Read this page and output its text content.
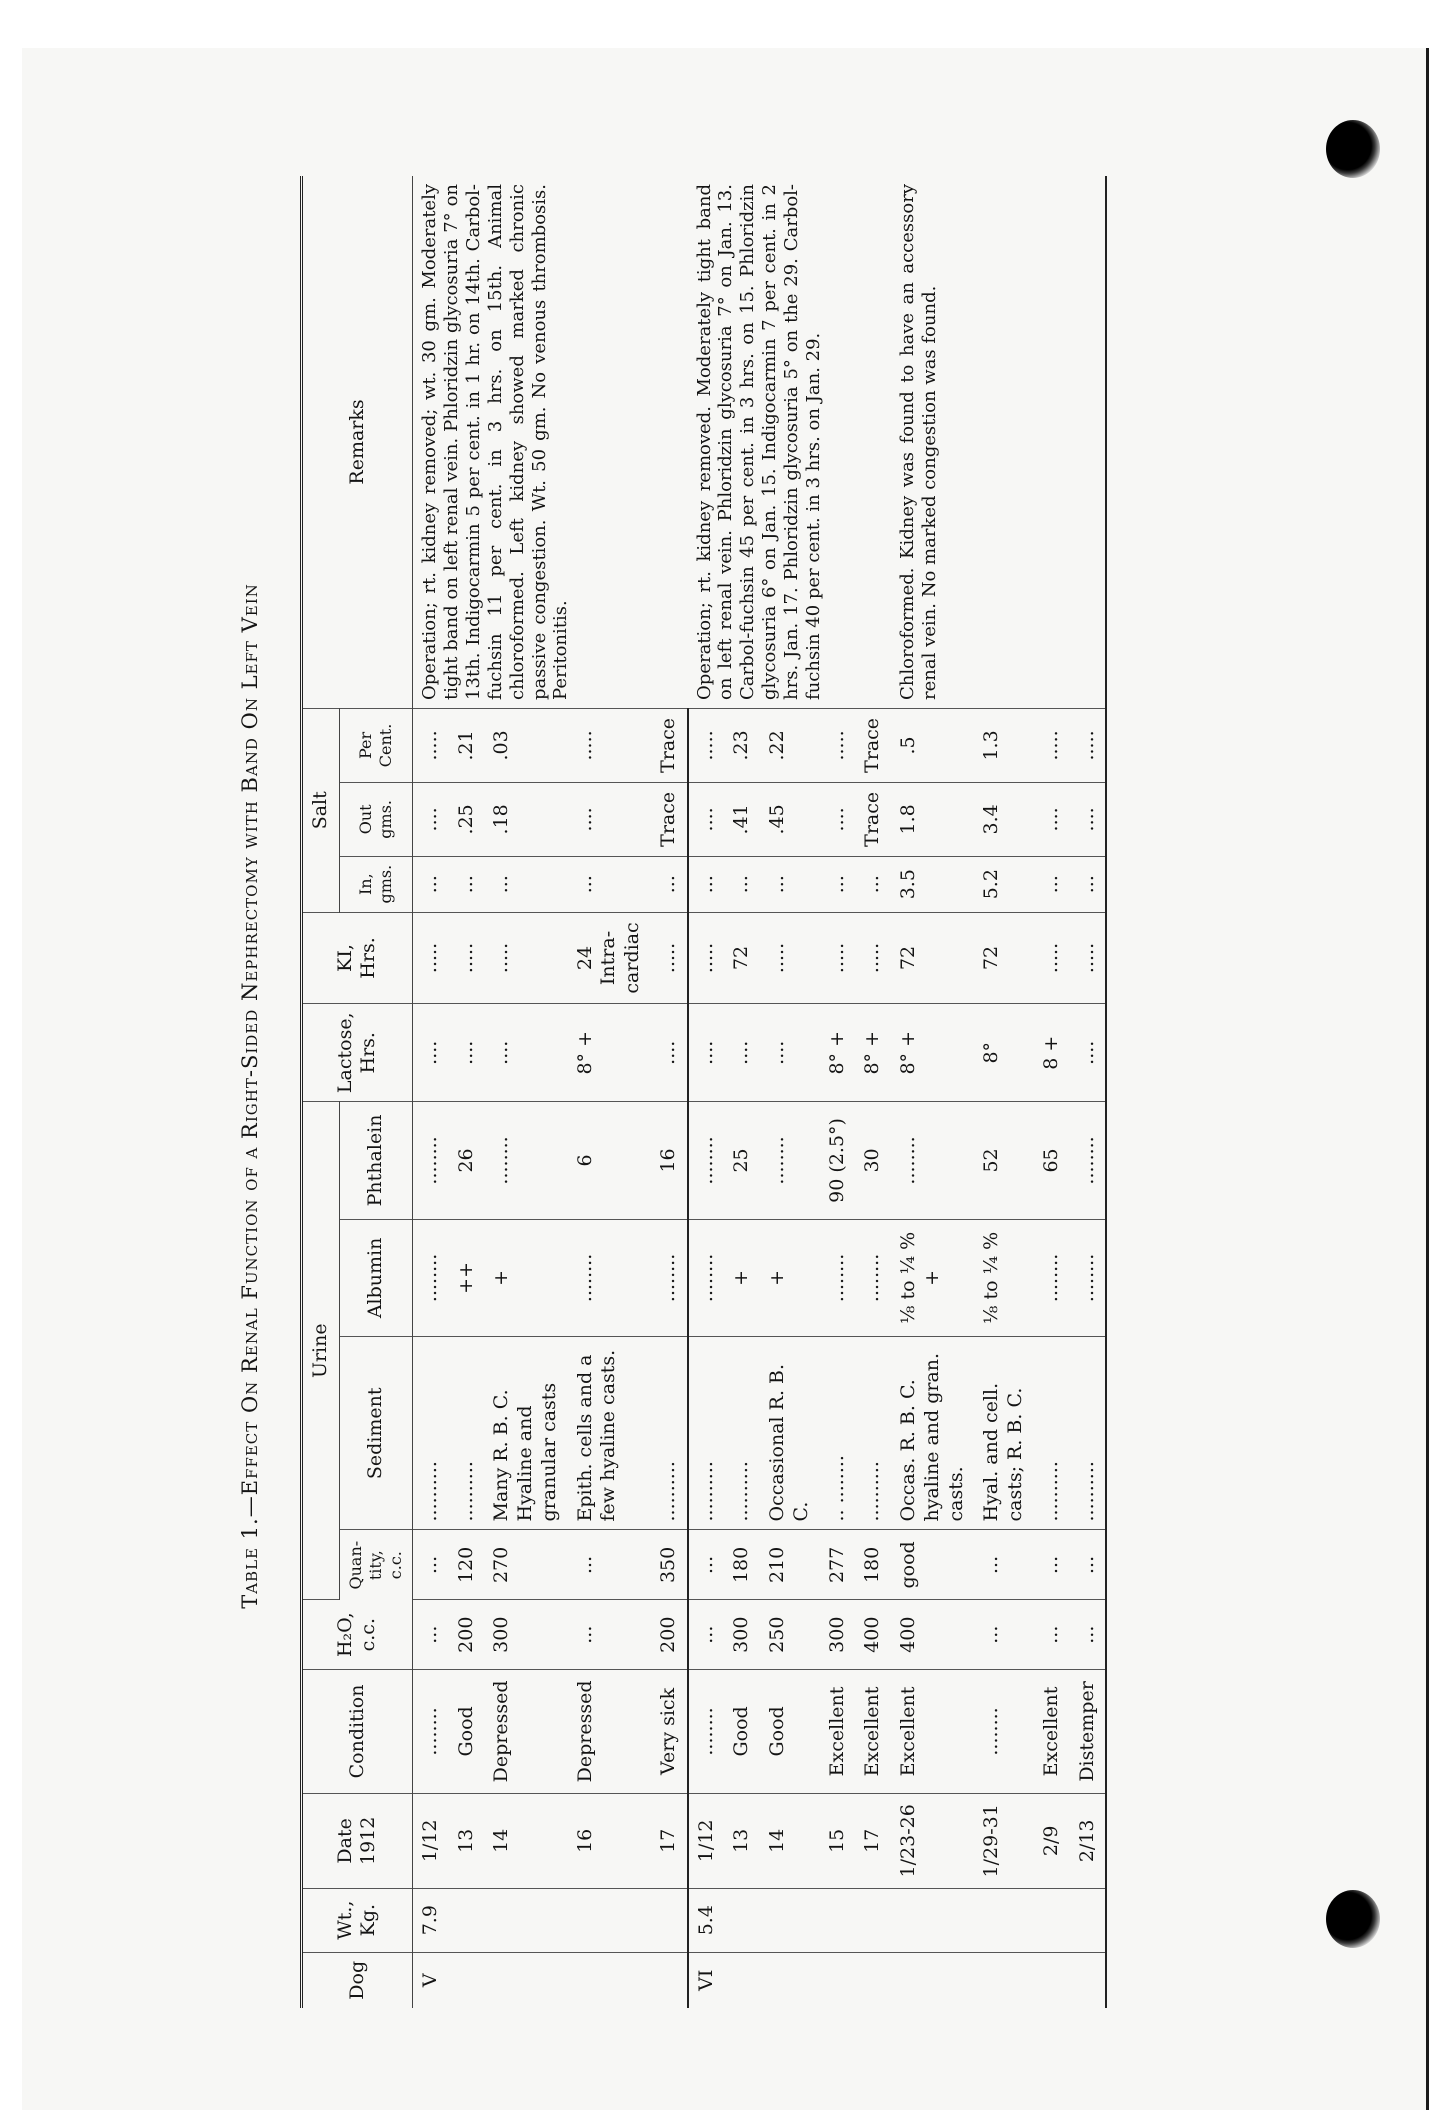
Table 1.—Effect On Renal Function of a Right-Sided Nephrectomy with Band On Left Vein
Dog	Wt., Kg.	Date 1912	Condition	H₂O, c.c.	Urine				Lactose, Hrs.	KI, Hrs.	Salt			Remarks
					Quan-tity, c.c.	Sediment	Albumin	Phthalein			In, gms.	Out gms.	Per Cent.	
V	7.9	1/12	........	...	...	..........	........	........	....	.....	...	....	.....	Operation; rt. kidney removed; wt. 30 gm. Moderately tight band on left renal vein. Phloridzin glycosuria 7° on 13th. Indigocarmin 5 per cent. in 1 hr. on 14th. Carbol-fuchsin 11 per cent. in 3 hrs. on 15th. Animal chloroformed. Left kidney showed marked chronic passive congestion. Wt. 50 gm. No venous thrombosis. Peritonitis.
		13	Good	200	120	..........	++	26	....	.....	...	.25	.21	
		14	Depressed	300	270	Many R. B. C. Hyaline and granular casts	+	........	....	.....	...	.18	.03	
		16	Depressed	...	...	Epith. cells and a few hyaline casts.	........	6	8° +	24 Intra-cardiac	...	....	.....	
		17	Very sick	200	350	..........	........	16	....	.....	...	Trace	Trace	
VI	5.4	1/12	........	...	...	..........	........	........	....	.....	...	....	.....	Operation; rt. kidney removed. Moderately tight band on left renal vein. Phloridzin glycosuria 7° on Jan. 13. Carbol-fuchsin 45 per cent. in 3 hrs. on 15. Phloridzin glycosuria 6° on Jan. 15. Indigocarmin 7 per cent. in 2 hrs. Jan. 17. Phloridzin glycosuria 5° on the 29. Carbol-fuchsin 40 per cent. in 3 hrs. on Jan. 29.
		13	Good	300	180	..........	+	25	....	72	...	.41	.23	
		14	Good	250	210	Occasional R. B. C.	+	........	....	.....	...	.45	.22	
		15	Excellent	300	277	.. ........	........	90 (2.5°)	8° +	.....	...	....	.....	
		17	Excellent	400	180	..........	........	30	8° +	.....	...	Trace	Trace	
		1/23-26	Excellent	400	good	Occas. R. B. C. hyaline and gran. casts.	⅛ to ¼ % +	........	8° +	72	3.5	1.8	.5	Chloroformed. Kidney was found to have an accessory renal vein. No marked congestion was found.
		1/29-31	........	...	...	Hyal. and cell. casts; R. B. C.	⅛ to ¼ %	52	8°	72	5.2	3.4	1.3	
		2/9	Excellent	...	...	..........	........	65	8 +	.....	...	....	.....	
		2/13	Distemper	...	...	..........	........	........	....	.....	...	....	.....	
